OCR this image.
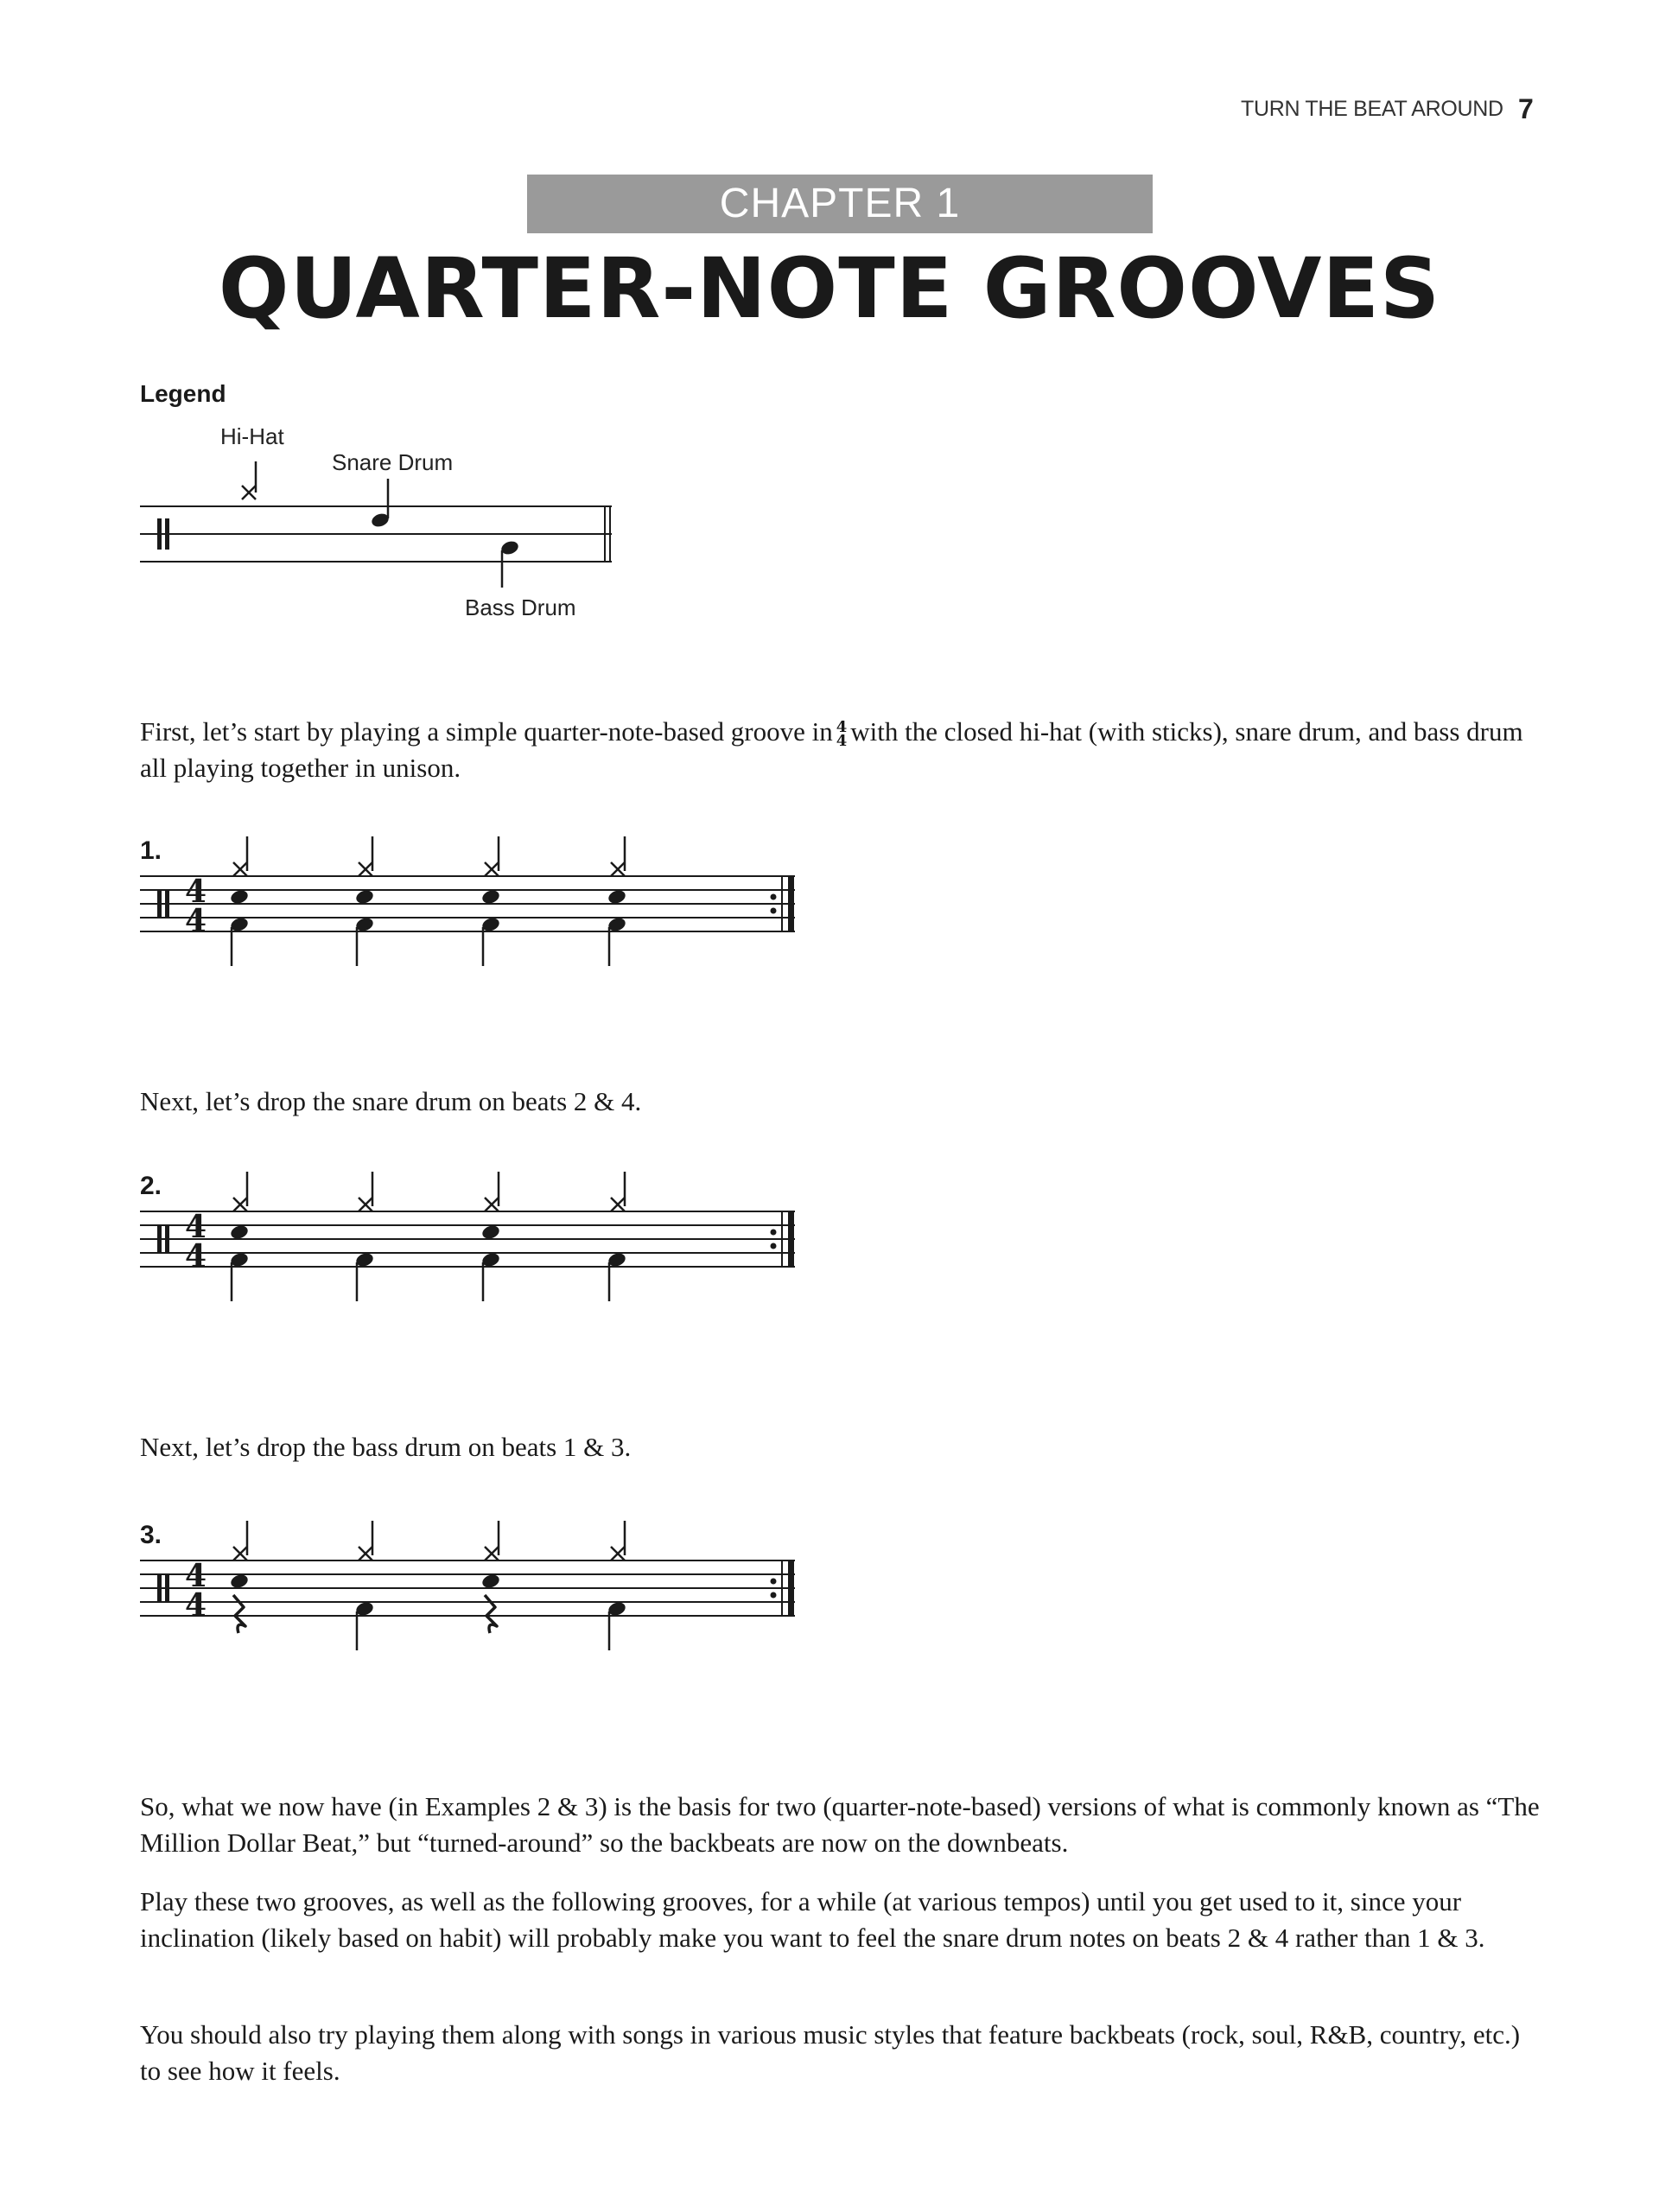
TURN THE BEAT AROUND 7
CHAPTER 1
QUARTER-NOTE GROOVES
Legend
Hi-Hat
Snare Drum
Bass Drum

First, let’s start by playing a simple quarter-note-based groove in 4
4 with the closed hi-hat (with sticks), snare drum, and bass drum all playing together in unison.

1.
4
4

Next, let’s drop the snare drum on beats 2 & 4.

2.
4
4

Next, let’s drop the bass drum on beats 1 & 3.

3.
4
4

So, what we now have (in Examples 2 & 3) is the basis for two (quarter-note-based) versions of what is commonly known as “The Million Dollar Beat,” but “turned-around” so the backbeats are now on the downbeats.

Play these two grooves, as well as the following grooves, for a while (at various tempos) until you get used to it, since your inclination (likely based on habit) will probably make you want to feel the snare drum notes on beats 2 & 4 rather than 1 & 3.

You should also try playing them along with songs in various music styles that feature backbeats (rock, soul, R&B, country, etc.) to see how it feels.
